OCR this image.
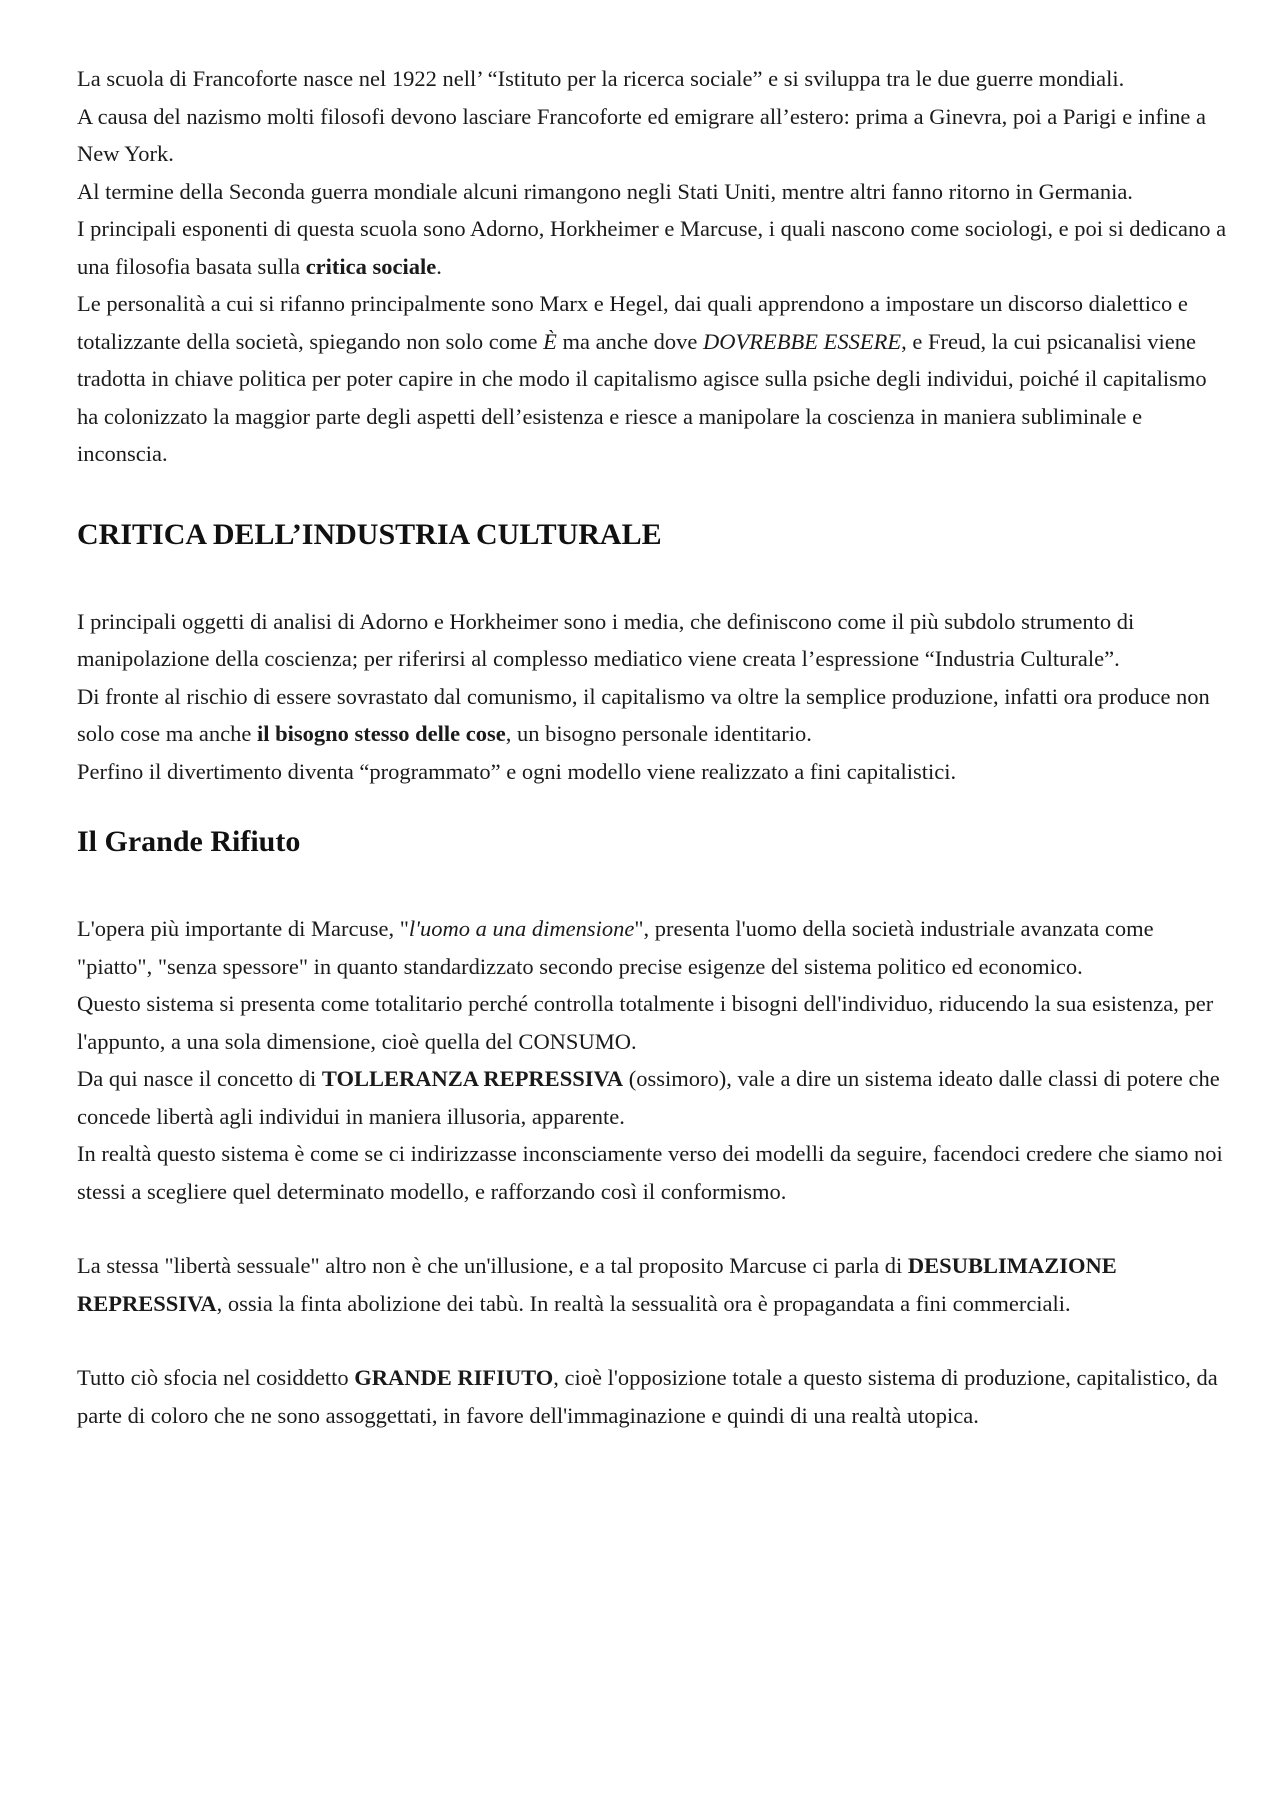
La scuola di Francoforte nasce nel 1922 nell’ “Istituto per la ricerca sociale” e si sviluppa tra le due guerre mondiali.

A causa del nazismo molti filosofi devono lasciare Francoforte ed emigrare all’estero: prima a Ginevra, poi a Parigi e infine a New York.

Al termine della Seconda guerra mondiale alcuni rimangono negli Stati Uniti, mentre altri fanno ritorno in Germania.

I principali esponenti di questa scuola sono Adorno, Horkheimer e Marcuse, i quali nascono come sociologi, e poi si dedicano a una filosofia basata sulla critica sociale.

Le personalità a cui si rifanno principalmente sono Marx e Hegel, dai quali apprendono a impostare un discorso dialettico e totalizzante della società, spiegando non solo come È ma anche dove DOVREBBE ESSERE, e Freud, la cui psicanalisi viene tradotta in chiave politica per poter capire in che modo il capitalismo agisce sulla psiche degli individui, poiché il capitalismo ha colonizzato la maggior parte degli aspetti dell’esistenza e riesce a manipolare la coscienza in maniera subliminale e inconscia.

CRITICA DELL’INDUSTRIA CULTURALE

I principali oggetti di analisi di Adorno e Horkheimer sono i media, che definiscono come il più subdolo strumento di manipolazione della coscienza; per riferirsi al complesso mediatico viene creata l’espressione “Industria Culturale”.

Di fronte al rischio di essere sovrastato dal comunismo, il capitalismo va oltre la semplice produzione, infatti ora produce non solo cose ma anche il bisogno stesso delle cose, un bisogno personale identitario.

Perfino il divertimento diventa “programmato” e ogni modello viene realizzato a fini capitalistici.

Il Grande Rifiuto

L'opera più importante di Marcuse, "l'uomo a una dimensione", presenta l'uomo della società industriale avanzata come "piatto", "senza spessore" in quanto standardizzato secondo precise esigenze del sistema politico ed economico.

Questo sistema si presenta come totalitario perché controlla totalmente i bisogni dell'individuo, riducendo la sua esistenza, per l'appunto, a una sola dimensione, cioè quella del CONSUMO.

Da qui nasce il concetto di TOLLERANZA REPRESSIVA (ossimoro), vale a dire un sistema ideato dalle classi di potere che concede libertà agli individui in maniera illusoria, apparente.

In realtà questo sistema è come se ci indirizzasse inconsciamente verso dei modelli da seguire, facendoci credere che siamo noi stessi a scegliere quel determinato modello, e rafforzando così il conformismo.

La stessa "libertà sessuale" altro non è che un'illusione, e a tal proposito Marcuse ci parla di DESUBLIMAZIONE REPRESSIVA, ossia la finta abolizione dei tabù. In realtà la sessualità ora è propagandata a fini commerciali.

Tutto ciò sfocia nel cosiddetto GRANDE RIFIUTO, cioè l'opposizione totale a questo sistema di produzione, capitalistico, da parte di coloro che ne sono assoggettati, in favore dell'immaginazione e quindi di una realtà utopica.
